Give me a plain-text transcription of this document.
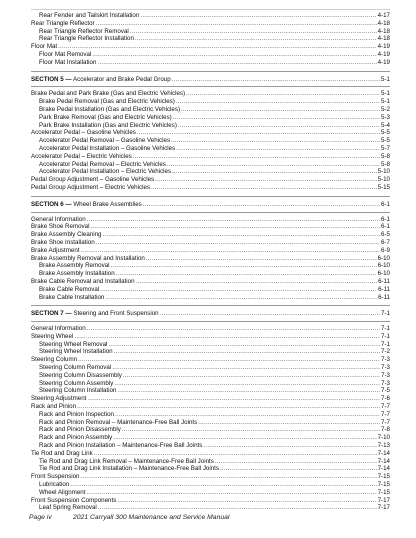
Rear Fender and Tailskirt Installation .....	4-17
Rear Triangle Reflector .....	4-18
Rear Triangle Reflector Removal .....	4-18
Rear Triangle Reflector Installation .....	4-18
Floor Mat .....	4-19
Floor Mat Removal .....	4-19
Floor Mat Installation .....	4-19
SECTION 5 — Accelerator and Brake Pedal Group .....	5-1
Brake Pedal and Park Brake (Gas and Electric Vehicles) .....	5-1
Brake Pedal Removal (Gas and Electric Vehicles) .....	5-1
Brake Pedal Installation (Gas and Electric Vehicles) .....	5-2
Park Brake Removal (Gas and Electric Vehicles) .....	5-3
Park Brake Installation (Gas and Electric Vehicles) .....	5-4
Accelerator Pedal – Gasoline Vehicles .....	5-5
Accelerator Pedal Removal – Gasoline Vehicles .....	5-5
Accelerator Pedal Installation – Gasoline Vehicles .....	5-7
Accelerator Pedal – Electric Vehicles .....	5-8
Accelerator Pedal Removal – Electric Vehicles .....	5-8
Accelerator Pedal Installation – Electric Vehicles .....	5-10
Pedal Group Adjustment – Gasoline Vehicles .....	5-10
Pedal Group Adjustment – Electric Vehicles .....	5-15
SECTION 6 — Wheel Brake Assemblies .....	6-1
General Information .....	6-1
Brake Shoe Removal .....	6-1
Brake Assembly Cleaning .....	6-5
Brake Shoe Installation .....	6-7
Brake Adjustment .....	6-9
Brake Assembly Removal and Installation .....	6-10
Brake Assembly Removal .....	6-10
Brake Assembly Installation .....	6-10
Brake Cable Removal and Installation .....	6-11
Brake Cable Removal .....	6-11
Brake Cable Installation .....	6-11
SECTION 7 — Steering and Front Suspension .....	7-1
General Information .....	7-1
Steering Wheel .....	7-1
Steering Wheel Removal .....	7-1
Steering Wheel Installation .....	7-2
Steering Column .....	7-3
Steering Column Removal .....	7-3
Steering Column Disassembly .....	7-3
Steering Column Assembly .....	7-3
Steering Column Installation .....	7-5
Steering Adjustment .....	7-6
Rack and Pinion .....	7-7
Rack and Pinion Inspection .....	7-7
Rack and Pinion Removal – Maintenance-Free Ball Joints .....	7-7
Rack and Pinion Disassembly .....	7-8
Rack and Pinion Assembly .....	7-10
Rack and Pinion Installation – Maintenance-Free Ball Joints .....	7-13
Tie Rod and Drag Link .....	7-14
Tie Rod and Drag Link Removal – Maintenance-Free Ball Joints .....	7-14
Tie Rod and Drag Link Installation – Maintenance-Free Ball Joints .....	7-14
Front Suspension .....	7-15
Lubrication .....	7-15
Wheel Alignment .....	7-15
Front Suspension Components .....	7-17
Leaf Spring Removal .....	7-17
Page iv	2021 Carryall 300 Maintenance and Service Manual
